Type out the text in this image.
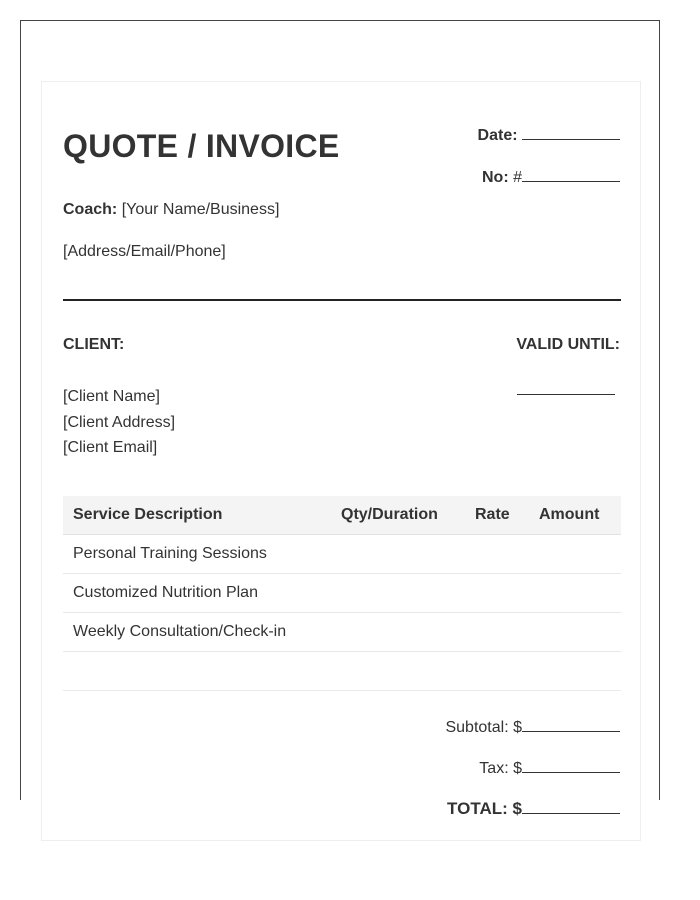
QUOTE / INVOICE	Date:
No: #
Coach: [Your Name/Business]
[Address/Email/Phone]
CLIENT:	VALID UNTIL:
[Client Name]
[Client Address]
[Client Email]
Service Description	Qty/Duration	Rate	Amount
Personal Training Sessions			
Customized Nutrition Plan			
Weekly Consultation/Check-in			
Subtotal: $
Tax: $
TOTAL: $
